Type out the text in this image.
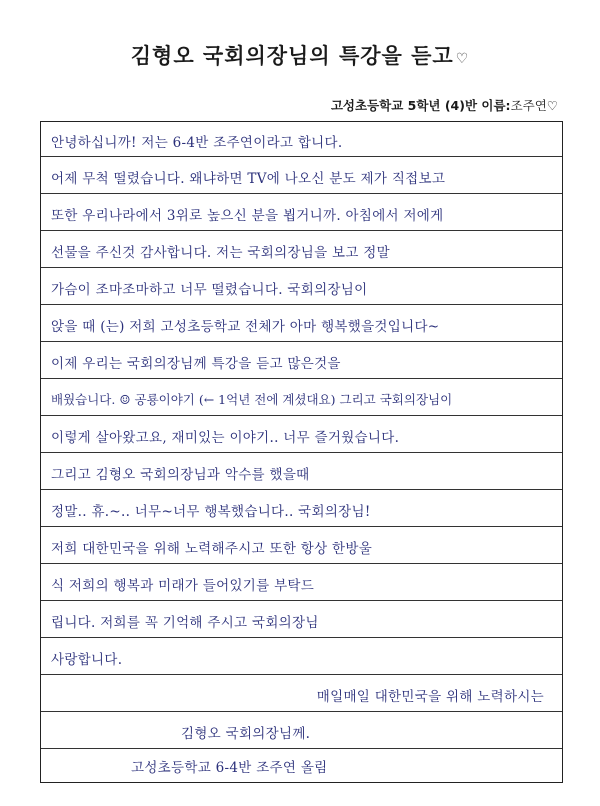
김형오 국회의장님의 특강을 듣고 ♡
고성초등학교 5학년 (4)반 이름:조주연♡
안녕하십니까! 저는 6-4반 조주연이라고 합니다.
어제 무척 떨렸습니다. 왜냐하면 TV에 나오신 분도 제가 직접보고
또한 우리나라에서 3위로 높으신 분을 뵙거니까. 아침에서 저에게
선물을 주신것 감사합니다. 저는 국회의장님을 보고 정말
가슴이 조마조마하고 너무 떨렸습니다. 국회의장님이
앉을 때 (는) 저희 고성초등학교 전체가 아마 행복했을것입니다~
이제 우리는 국회의장님께 특강을 듣고 많은것을
배웠습니다. ☺ 공룡이야기 (← 1억년 전에 계셨대요) 그리고 국회의장님이
이렇게 살아왔고요, 재미있는 이야기.. 너무 즐거웠습니다.
그리고 김형오 국회의장님과 악수를 했을때
정말.. 휴.~.. 너무~너무 행복했습니다.. 국회의장님!
저희 대한민국을 위해 노력해주시고 또한 항상 한방울
식 저희의 행복과 미래가 들어있기를 부탁드
립니다. 저희를 꼭 기억해 주시고 국회의장님
사랑합니다.
매일매일 대한민국을 위해 노력하시는
김형오 국회의장님께.
고성초등학교 6-4반 조주연 올림
